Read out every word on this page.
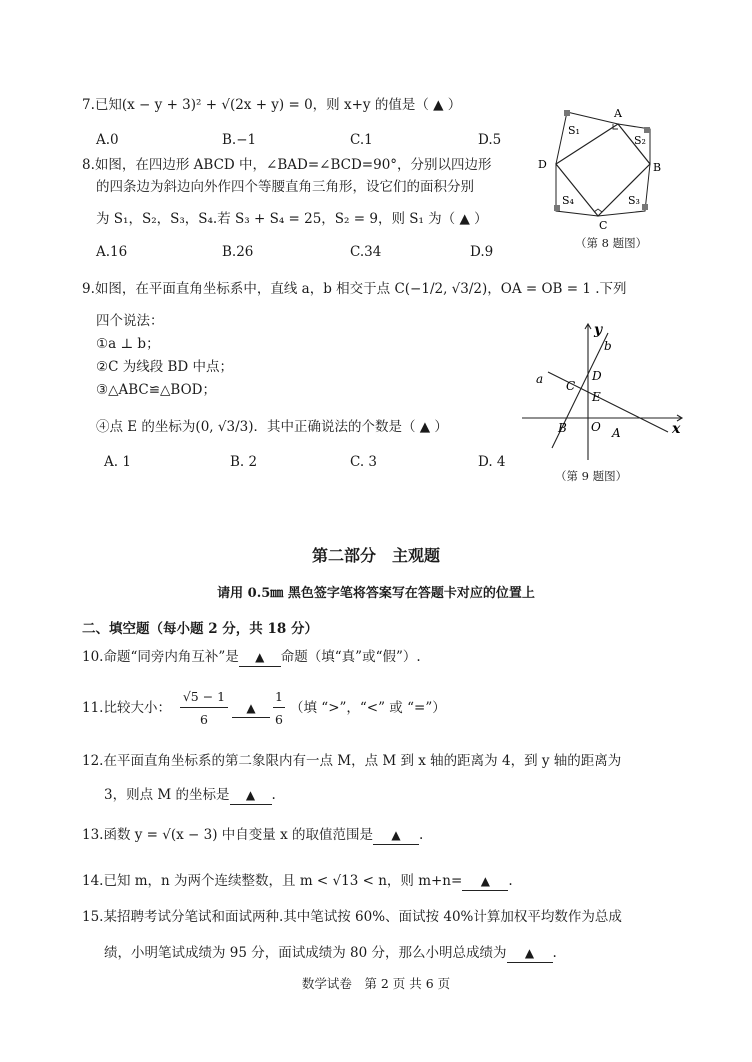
7.已知(x − y + 3)² + √(2x + y) = 0，则 x+y 的值是（ ▲ ）
A.0	B.−1	C.1	D.5
8.如图，在四边形 ABCD 中，∠BAD=∠BCD=90°，分别以四边形
的四条边为斜边向外作四个等腰直角三角形，设它们的面积分别
为 S₁，S₂，S₃，S₄.若 S₃ + S₄ = 25，S₂ = 9，则 S₁ 为（ ▲ ）
A.16	B.26	C.34	D.9
A
B
C
D
S₁
S₂
S₃
S₄
（第 8 题图）
9.如图，在平面直角坐标系中，直线 a，b 相交于点 C(−1/2, √3/2)，OA = OB = 1 .下列
四个说法：
①a ⊥ b；
②C 为线段 BD 中点；
③△ABC≌△BOD；
④点 E 的坐标为(0, √3/3)．其中正确说法的个数是（ ▲ ）
A. 1	B. 2	C. 3	D. 4
y
x
b
a C
D
E
O A
B
（第 9 题图）
第二部分　主观题
请用 0.5㎜ 黑色签字笔将答案写在答题卡对应的位置上
二、填空题（每小题 2 分，共 18 分）
10.命题“同旁内角互补”是 ▲ 命题（填“真”或“假”）.
11.比较大小：
√5 − 1
6
▲
1
6
（填 “>”，“<” 或 “=”）
12.在平面直角坐标系的第二象限内有一点 M，点 M 到 x 轴的距离为 4，到 y 轴的距离为
3，则点 M 的坐标是 ▲ .
13.函数 y = √(x − 3) 中自变量 x 的取值范围是 ▲ .
14.已知 m，n 为两个连续整数，且 m < √13 < n，则 m+n= ▲ .
15.某招聘考试分笔试和面试两种.其中笔试按 60%、面试按 40%计算加权平均数作为总成
绩，小明笔试成绩为 95 分，面试成绩为 80 分，那么小明总成绩为 ▲ .
数学试卷　第 2 页 共 6 页
